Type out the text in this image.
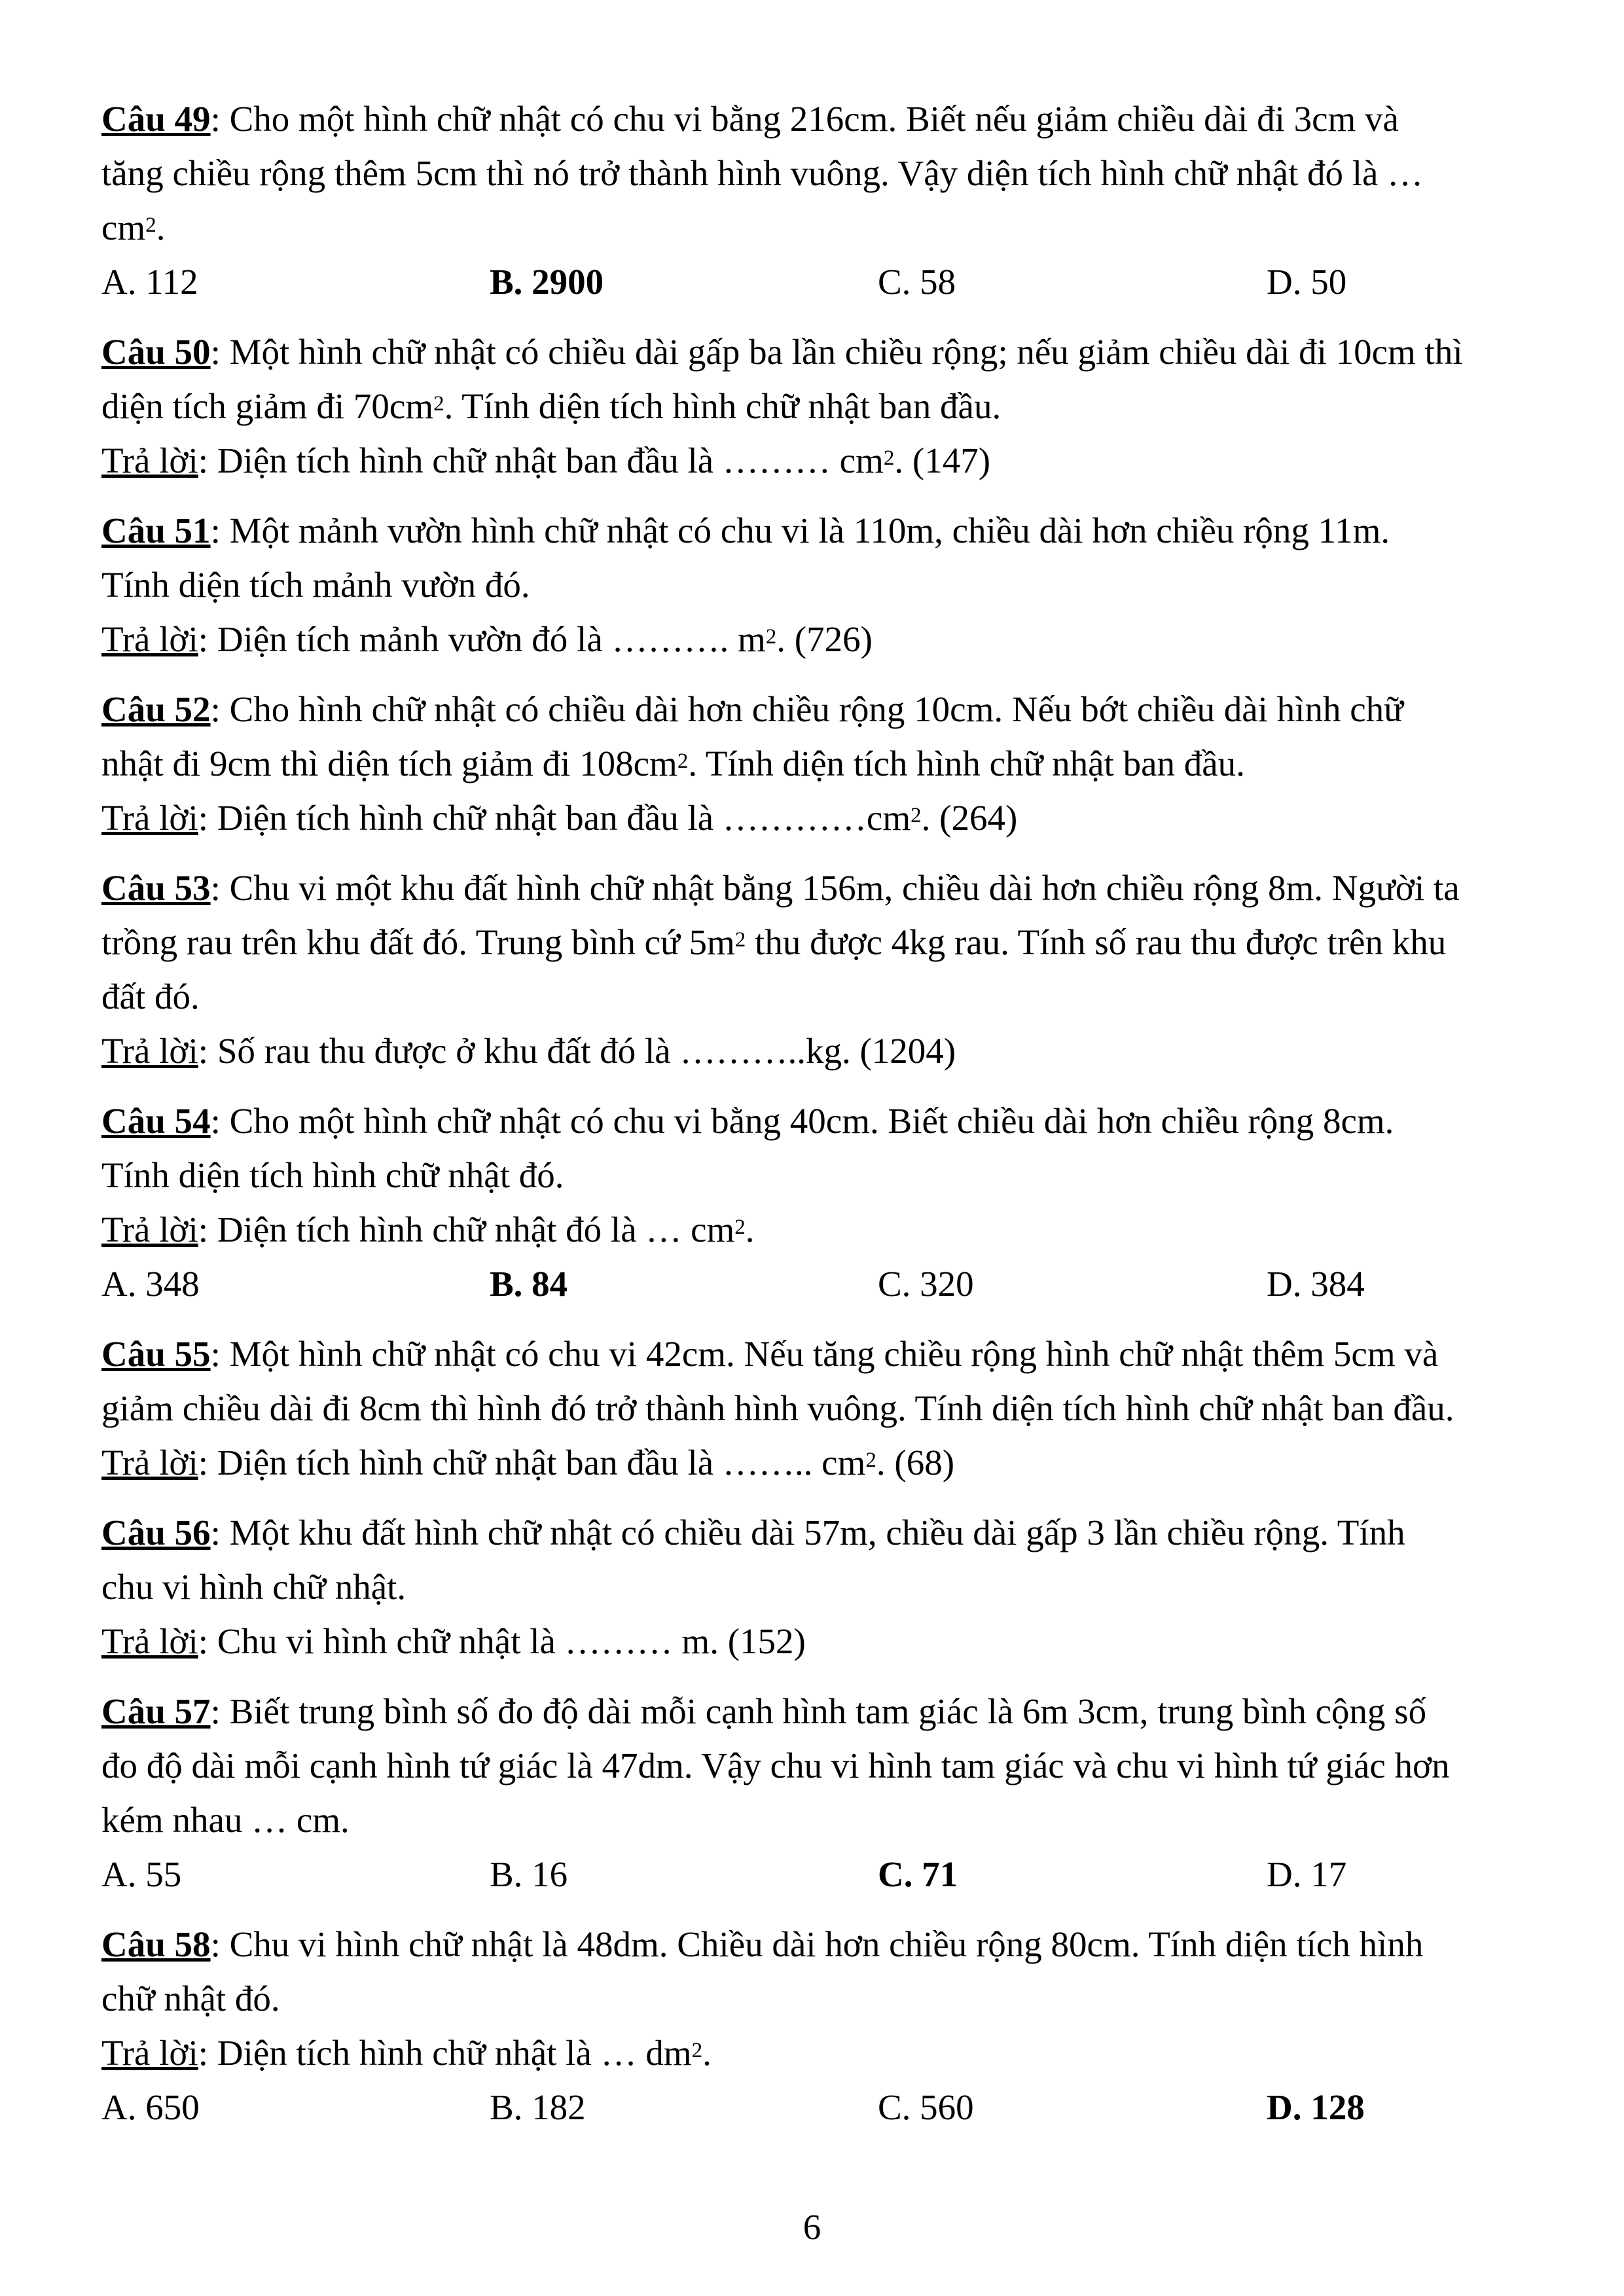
Câu 49: Cho một hình chữ nhật có chu vi bằng 216cm. Biết nếu giảm chiều dài đi 3cm và
tăng chiều rộng thêm 5cm thì nó trở thành hình vuông. Vậy diện tích hình chữ nhật đó là …
$cm^2$.
A. 112	B. 2900	C. 58	D. 50
Câu 50: Một hình chữ nhật có chiều dài gấp ba lần chiều rộng; nếu giảm chiều dài đi 10cm thì
diện tích giảm đi $70cm^2$. Tính diện tích hình chữ nhật ban đầu.
Trả lời: Diện tích hình chữ nhật ban đầu là ……… $cm^2$. (147)
Câu 51: Một mảnh vườn hình chữ nhật có chu vi là 110m, chiều dài hơn chiều rộng 11m.
Tính diện tích mảnh vườn đó.
Trả lời: Diện tích mảnh vườn đó là ………. $m^2$. (726)
Câu 52: Cho hình chữ nhật có chiều dài hơn chiều rộng 10cm. Nếu bớt chiều dài hình chữ
nhật đi 9cm thì diện tích giảm đi $108cm^2$. Tính diện tích hình chữ nhật ban đầu.
Trả lời: Diện tích hình chữ nhật ban đầu là $\dots\dots\dots\dots cm^2$. (264)
Câu 53: Chu vi một khu đất hình chữ nhật bằng 156m, chiều dài hơn chiều rộng 8m. Người ta
trồng rau trên khu đất đó. Trung bình cứ $5m^2$ thu được 4kg rau. Tính số rau thu được trên khu
đất đó.
Trả lời: Số rau thu được ở khu đất đó là ………..kg. (1204)
Câu 54: Cho một hình chữ nhật có chu vi bằng 40cm. Biết chiều dài hơn chiều rộng 8cm.
Tính diện tích hình chữ nhật đó.
Trả lời: Diện tích hình chữ nhật đó là … $cm^2$.
A. 348	B. 84	C. 320	D. 384
Câu 55: Một hình chữ nhật có chu vi 42cm. Nếu tăng chiều rộng hình chữ nhật thêm 5cm và
giảm chiều dài đi 8cm thì hình đó trở thành hình vuông. Tính diện tích hình chữ nhật ban đầu.
Trả lời: Diện tích hình chữ nhật ban đầu là …….. $cm^2$. (68)
Câu 56: Một khu đất hình chữ nhật có chiều dài 57m, chiều dài gấp 3 lần chiều rộng. Tính
chu vi hình chữ nhật.
Trả lời: Chu vi hình chữ nhật là ……… m. (152)
Câu 57: Biết trung bình số đo độ dài mỗi cạnh hình tam giác là 6m 3cm, trung bình cộng số
đo độ dài mỗi cạnh hình tứ giác là 47dm. Vậy chu vi hình tam giác và chu vi hình tứ giác hơn
kém nhau … cm.
A. 55	B. 16	C. 71	D. 17
Câu 58: Chu vi hình chữ nhật là 48dm. Chiều dài hơn chiều rộng 80cm. Tính diện tích hình
chữ nhật đó.
Trả lời: Diện tích hình chữ nhật là … $dm^2$.
A. 650	B. 182	C. 560	D. 128
6
